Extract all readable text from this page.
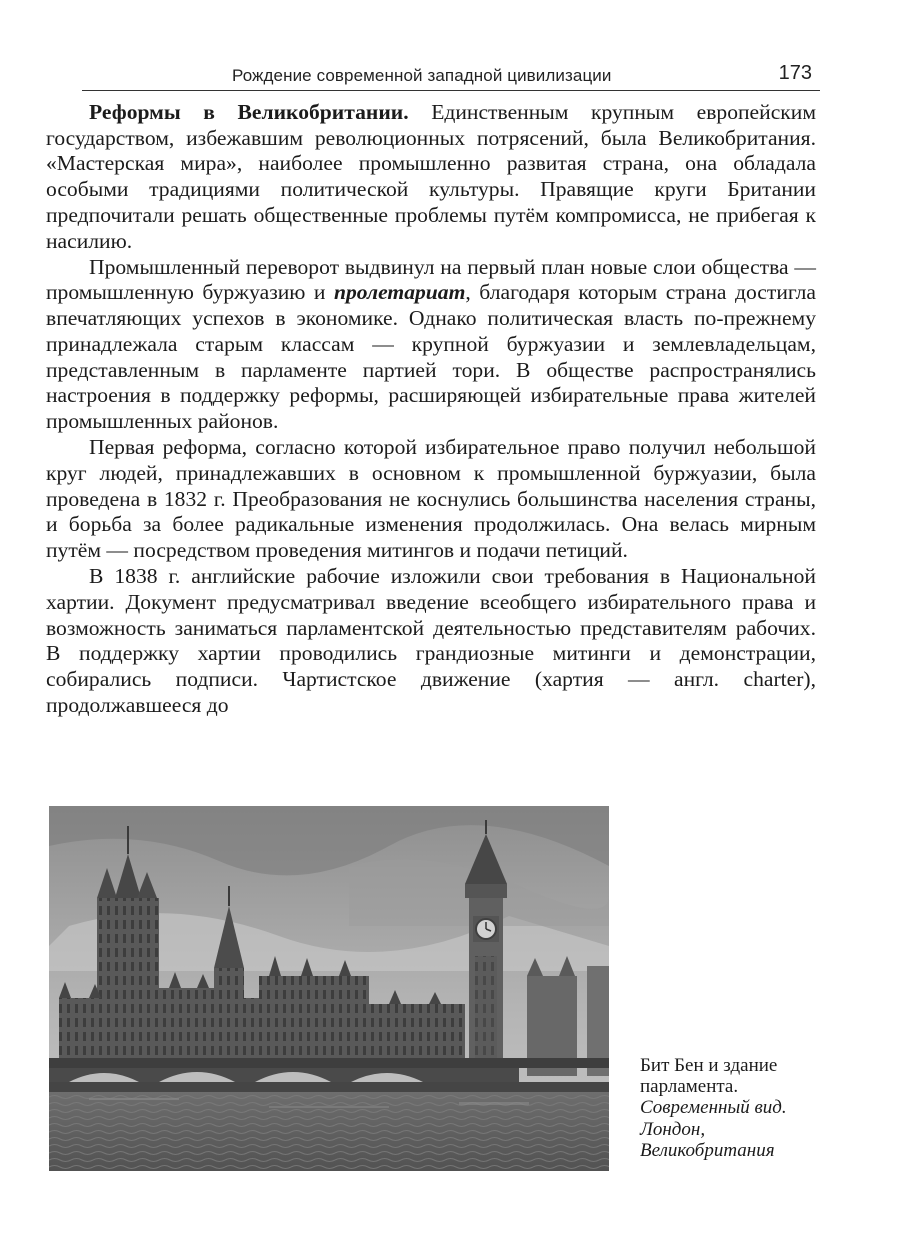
Рождение современной западной цивилизации	173

Реформы в Великобритании. Единственным крупным европейским государством, избежавшим революционных потрясений, была Великобритания. «Мастерская мира», наиболее промышленно развитая страна, она обладала особыми традициями политической культуры. Правящие круги Британии предпочитали решать общественные проблемы путём компромисса, не прибегая к насилию.

Промышленный переворот выдвинул на первый план новые слои общества — промышленную буржуазию и пролетариат, благодаря которым страна достигла впечатляющих успехов в экономике. Однако политическая власть по-прежнему принадлежала старым классам — крупной буржуазии и землевладельцам, представленным в парламенте партией тори. В обществе распространялись настроения в поддержку реформы, расширяющей избирательные права жителей промышленных районов.

Первая реформа, согласно которой избирательное право получил небольшой круг людей, принадлежавших в основном к промышленной буржуазии, была проведена в 1832 г. Преобразования не коснулись большинства населения страны, и борьба за более радикальные изменения продолжилась. Она велась мирным путём — посредством проведения митингов и подачи петиций.

В 1838 г. английские рабочие изложили свои требования в Национальной хартии. Документ предусматривал введение всеобщего избирательного права и возможность заниматься парламентской деятельностью представителям рабочих. В поддержку хартии проводились грандиозные митинги и демонстрации, собирались подписи. Чартистское движение (хартия — англ. charter), продолжавшееся до

Бит Бен и здание
парламента.
Современный вид.
Лондон,
Великобритания
